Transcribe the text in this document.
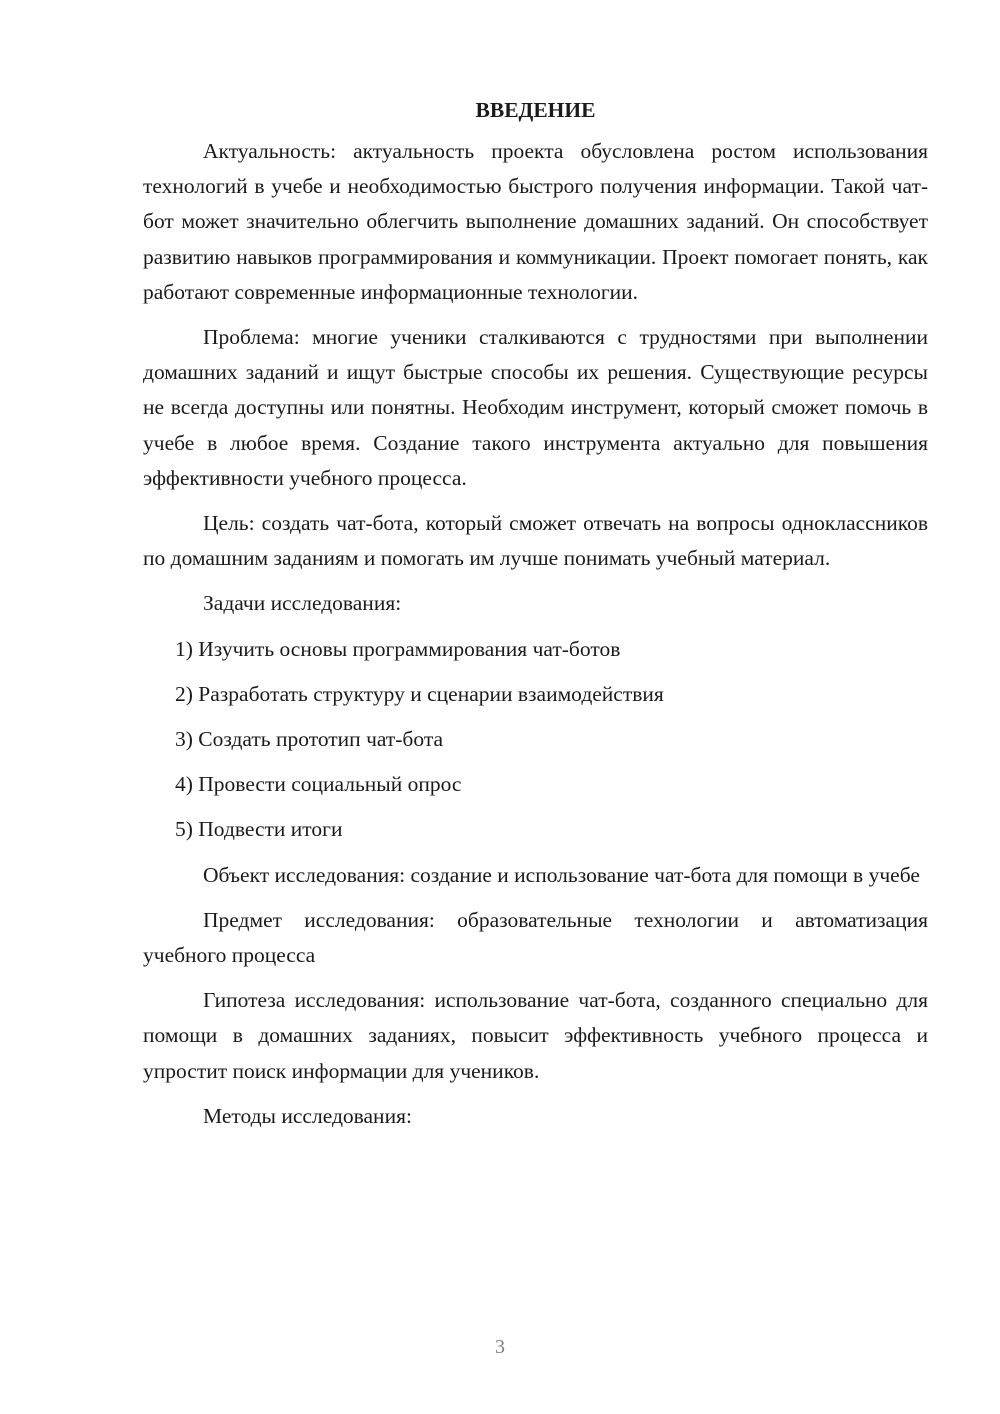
ВВЕДЕНИЕ

Актуальность: актуальность проекта обусловлена ростом использования технологий в учебе и необходимостью быстрого получения информации. Такой чат-бот может значительно облегчить выполнение домашних заданий. Он способствует развитию навыков программирования и коммуникации. Проект помогает понять, как работают современные информационные технологии.

Проблема: многие ученики сталкиваются с трудностями при выполнении домашних заданий и ищут быстрые способы их решения. Существующие ресурсы не всегда доступны или понятны. Необходим инструмент, который сможет помочь в учебе в любое время. Создание такого инструмента актуально для повышения эффективности учебного процесса.

Цель: создать чат-бота, который сможет отвечать на вопросы одноклассников по домашним заданиям и помогать им лучше понимать учебный материал.

Задачи исследования:

1) Изучить основы программирования чат-ботов
2) Разработать структуру и сценарии взаимодействия
3) Создать прототип чат-бота
4) Провести социальный опрос
5) Подвести итоги

Объект исследования: создание и использование чат-бота для помощи в учебе

Предмет исследования: образовательные технологии и автоматизация учебного процесса

Гипотеза исследования: использование чат-бота, созданного специально для помощи в домашних заданиях, повысит эффективность учебного процесса и упростит поиск информации для учеников.

Методы исследования:

3
